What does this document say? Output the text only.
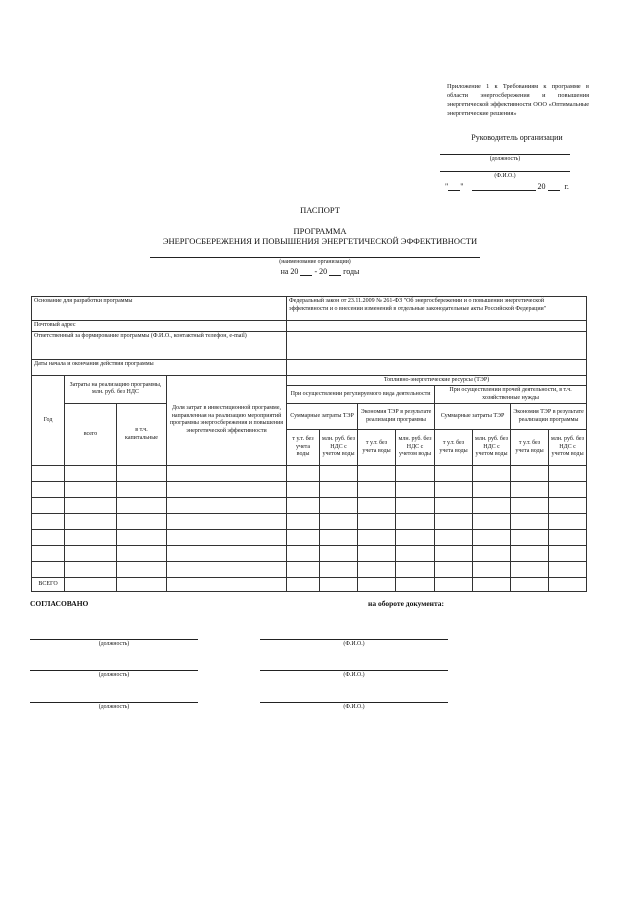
Приложение 1 к Требованиям к программе в области энергосбережения и повышения энергетической эффективности ООО «Оптимальные энергетические решения»
Руководитель организации
(должность)
(Ф.И.О.)
" "	20 г.
ПАСПОРТ
ПРОГРАММА
ЭНЕРГОСБЕРЕЖЕНИЯ И ПОВЫШЕНИЯ ЭНЕРГЕТИЧЕСКОЙ ЭФФЕКТИВНОСТИ
(наименование организации)
на 20 - 20 годы
Основание для разработки программы				Федеральный закон от 23.11.2009 № 261-ФЗ "Об энергосбережении и о повышении энергетической эффективности и о внесении изменений в отдельные законодательные акты Российской Федерации"							
Почтовый адрес											
Ответственный за формирование программы (Ф.И.О., контактный телефон, e-mail)											
Даты начала и окончания действия программы											
Год	Затраты на реализацию программы, млн. руб. без НДС		Доля затрат в инвестиционной программе, направленная на реализацию мероприятий программы энергосбережения и повышения энергетической эффективности	Топливно-энергетические ресурсы (ТЭР)							
				При осуществлении регулируемого вида деятельности				При осуществлении прочей деятельности, в т.ч. хозяйственные нужды			
	всего	в т.ч. капитальные		Суммарные затраты ТЭР		Экономия ТЭР в результате реализации программы		Суммарные затраты ТЭР		Экономия ТЭР в результате реализации программы	
				т у.т. без учета воды	млн. руб. без НДС с учетом воды	т у.т. без учета воды	млн. руб. без НДС с учетом воды	т у.т. без учета воды	млн. руб. без НДС с учетом воды	т у.т. без учета воды	млн. руб. без НДС с учетом воды

ВСЕГО											
СОГЛАСОВАНО	на обороте документа:
(должность)	(Ф.И.О.)
(должность)	(Ф.И.О.)
(должность)	(Ф.И.О.)
